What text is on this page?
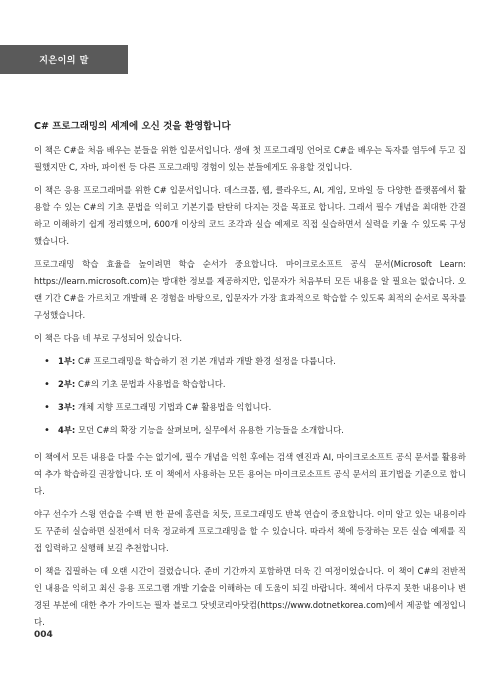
지은이의 말
C# 프로그래밍의 세계에 오신 것을 환영합니다

이 책은 C#을 처음 배우는 분들을 위한 입문서입니다. 생애 첫 프로그래밍 언어로 C#을 배우는 독자를 염두에 두고 집필했지만 C, 자바, 파이썬 등 다른 프로그래밍 경험이 있는 분들에게도 유용할 것입니다.

이 책은 응용 프로그래머를 위한 C# 입문서입니다. 데스크톱, 웹, 클라우드, AI, 게임, 모바일 등 다양한 플랫폼에서 활용할 수 있는 C#의 기초 문법을 익히고 기본기를 탄탄히 다지는 것을 목표로 합니다. 그래서 필수 개념을 최대한 간결하고 이해하기 쉽게 정리했으며, 600개 이상의 코드 조각과 실습 예제로 직접 실습하면서 실력을 키울 수 있도록 구성했습니다.

프로그래밍 학습 효율을 높이려면 학습 순서가 중요합니다. 마이크로소프트 공식 문서(Microsoft Learn: https://learn.microsoft.com)는 방대한 정보를 제공하지만, 입문자가 처음부터 모든 내용을 알 필요는 없습니다. 오랜 기간 C#을 가르치고 개발해 온 경험을 바탕으로, 입문자가 가장 효과적으로 학습할 수 있도록 최적의 순서로 목차를 구성했습니다.

이 책은 다음 네 부로 구성되어 있습니다.

• 1부: C# 프로그래밍을 학습하기 전 기본 개념과 개발 환경 설정을 다룹니다.
• 2부: C#의 기초 문법과 사용법을 학습합니다.
• 3부: 개체 지향 프로그래밍 기법과 C# 활용법을 익힙니다.
• 4부: 모던 C#의 확장 기능을 살펴보며, 실무에서 유용한 기능들을 소개합니다.

이 책에서 모든 내용을 다룰 수는 없기에, 필수 개념을 익힌 후에는 검색 엔진과 AI, 마이크로소프트 공식 문서를 활용하여 추가 학습하길 권장합니다. 또 이 책에서 사용하는 모든 용어는 마이크로소프트 공식 문서의 표기법을 기준으로 합니다.

야구 선수가 스윙 연습을 수백 번 한 끝에 홈런을 치듯, 프로그래밍도 반복 연습이 중요합니다. 이미 알고 있는 내용이라도 꾸준히 실습하면 실전에서 더욱 정교하게 프로그래밍을 할 수 있습니다. 따라서 책에 등장하는 모든 실습 예제를 직접 입력하고 실행해 보길 추천합니다.

이 책을 집필하는 데 오랜 시간이 걸렸습니다. 준비 기간까지 포함하면 더욱 긴 여정이었습니다. 이 책이 C#의 전반적인 내용을 익히고 최신 응용 프로그램 개발 기술을 이해하는 데 도움이 되길 바랍니다. 책에서 다루지 못한 내용이나 변경된 부분에 대한 추가 가이드는 필자 블로그 닷넷코리아닷컴(https://www.dotnetkorea.com)에서 제공할 예정입니다.

004
